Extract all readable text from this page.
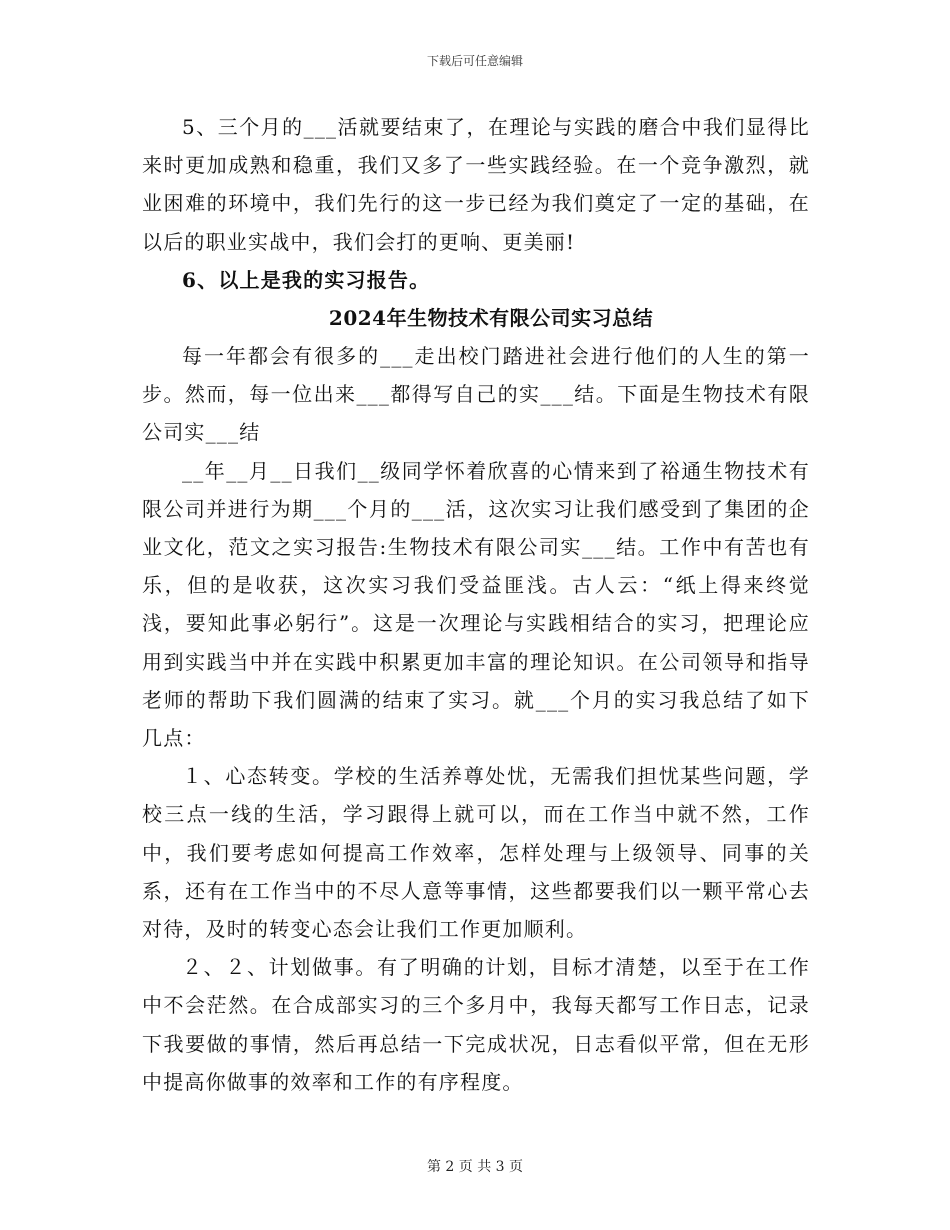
下载后可任意编辑

5、三个月的___活就要结束了，在理论与实践的磨合中我们显得比来时更加成熟和稳重，我们又多了一些实践经验。在一个竞争激烈，就业困难的环境中，我们先行的这一步已经为我们奠定了一定的基础，在以后的职业实战中，我们会打的更响、更美丽!

6、以上是我的实习报告。

2024年生物技术有限公司实习总结

每一年都会有很多的___走出校门踏进社会进行他们的人生的第一步。然而，每一位出来___都得写自己的实___结。下面是生物技术有限公司实___结

__年__月__日我们__级同学怀着欣喜的心情来到了裕通生物技术有限公司并进行为期___个月的___活，这次实习让我们感受到了集团的企业文化，范文之实习报告:生物技术有限公司实___结。工作中有苦也有乐，但的是收获，这次实习我们受益匪浅。古人云：“纸上得来终觉浅，要知此事必躬行”。这是一次理论与实践相结合的实习，把理论应用到实践当中并在实践中积累更加丰富的理论知识。在公司领导和指导老师的帮助下我们圆满的结束了实习。就___个月的实习我总结了如下几点：

１、心态转变。学校的生活养尊处忧，无需我们担忧某些问题，学校三点一线的生活，学习跟得上就可以，而在工作当中就不然，工作中，我们要考虑如何提高工作效率，怎样处理与上级领导、同事的关系，还有在工作当中的不尽人意等事情，这些都要我们以一颗平常心去对待，及时的转变心态会让我们工作更加顺利。

２、２、计划做事。有了明确的计划，目标才清楚，以至于在工作中不会茫然。在合成部实习的三个多月中，我每天都写工作日志，记录下我要做的事情，然后再总结一下完成状况，日志看似平常，但在无形中提高你做事的效率和工作的有序程度。

第 2 页 共 3 页
